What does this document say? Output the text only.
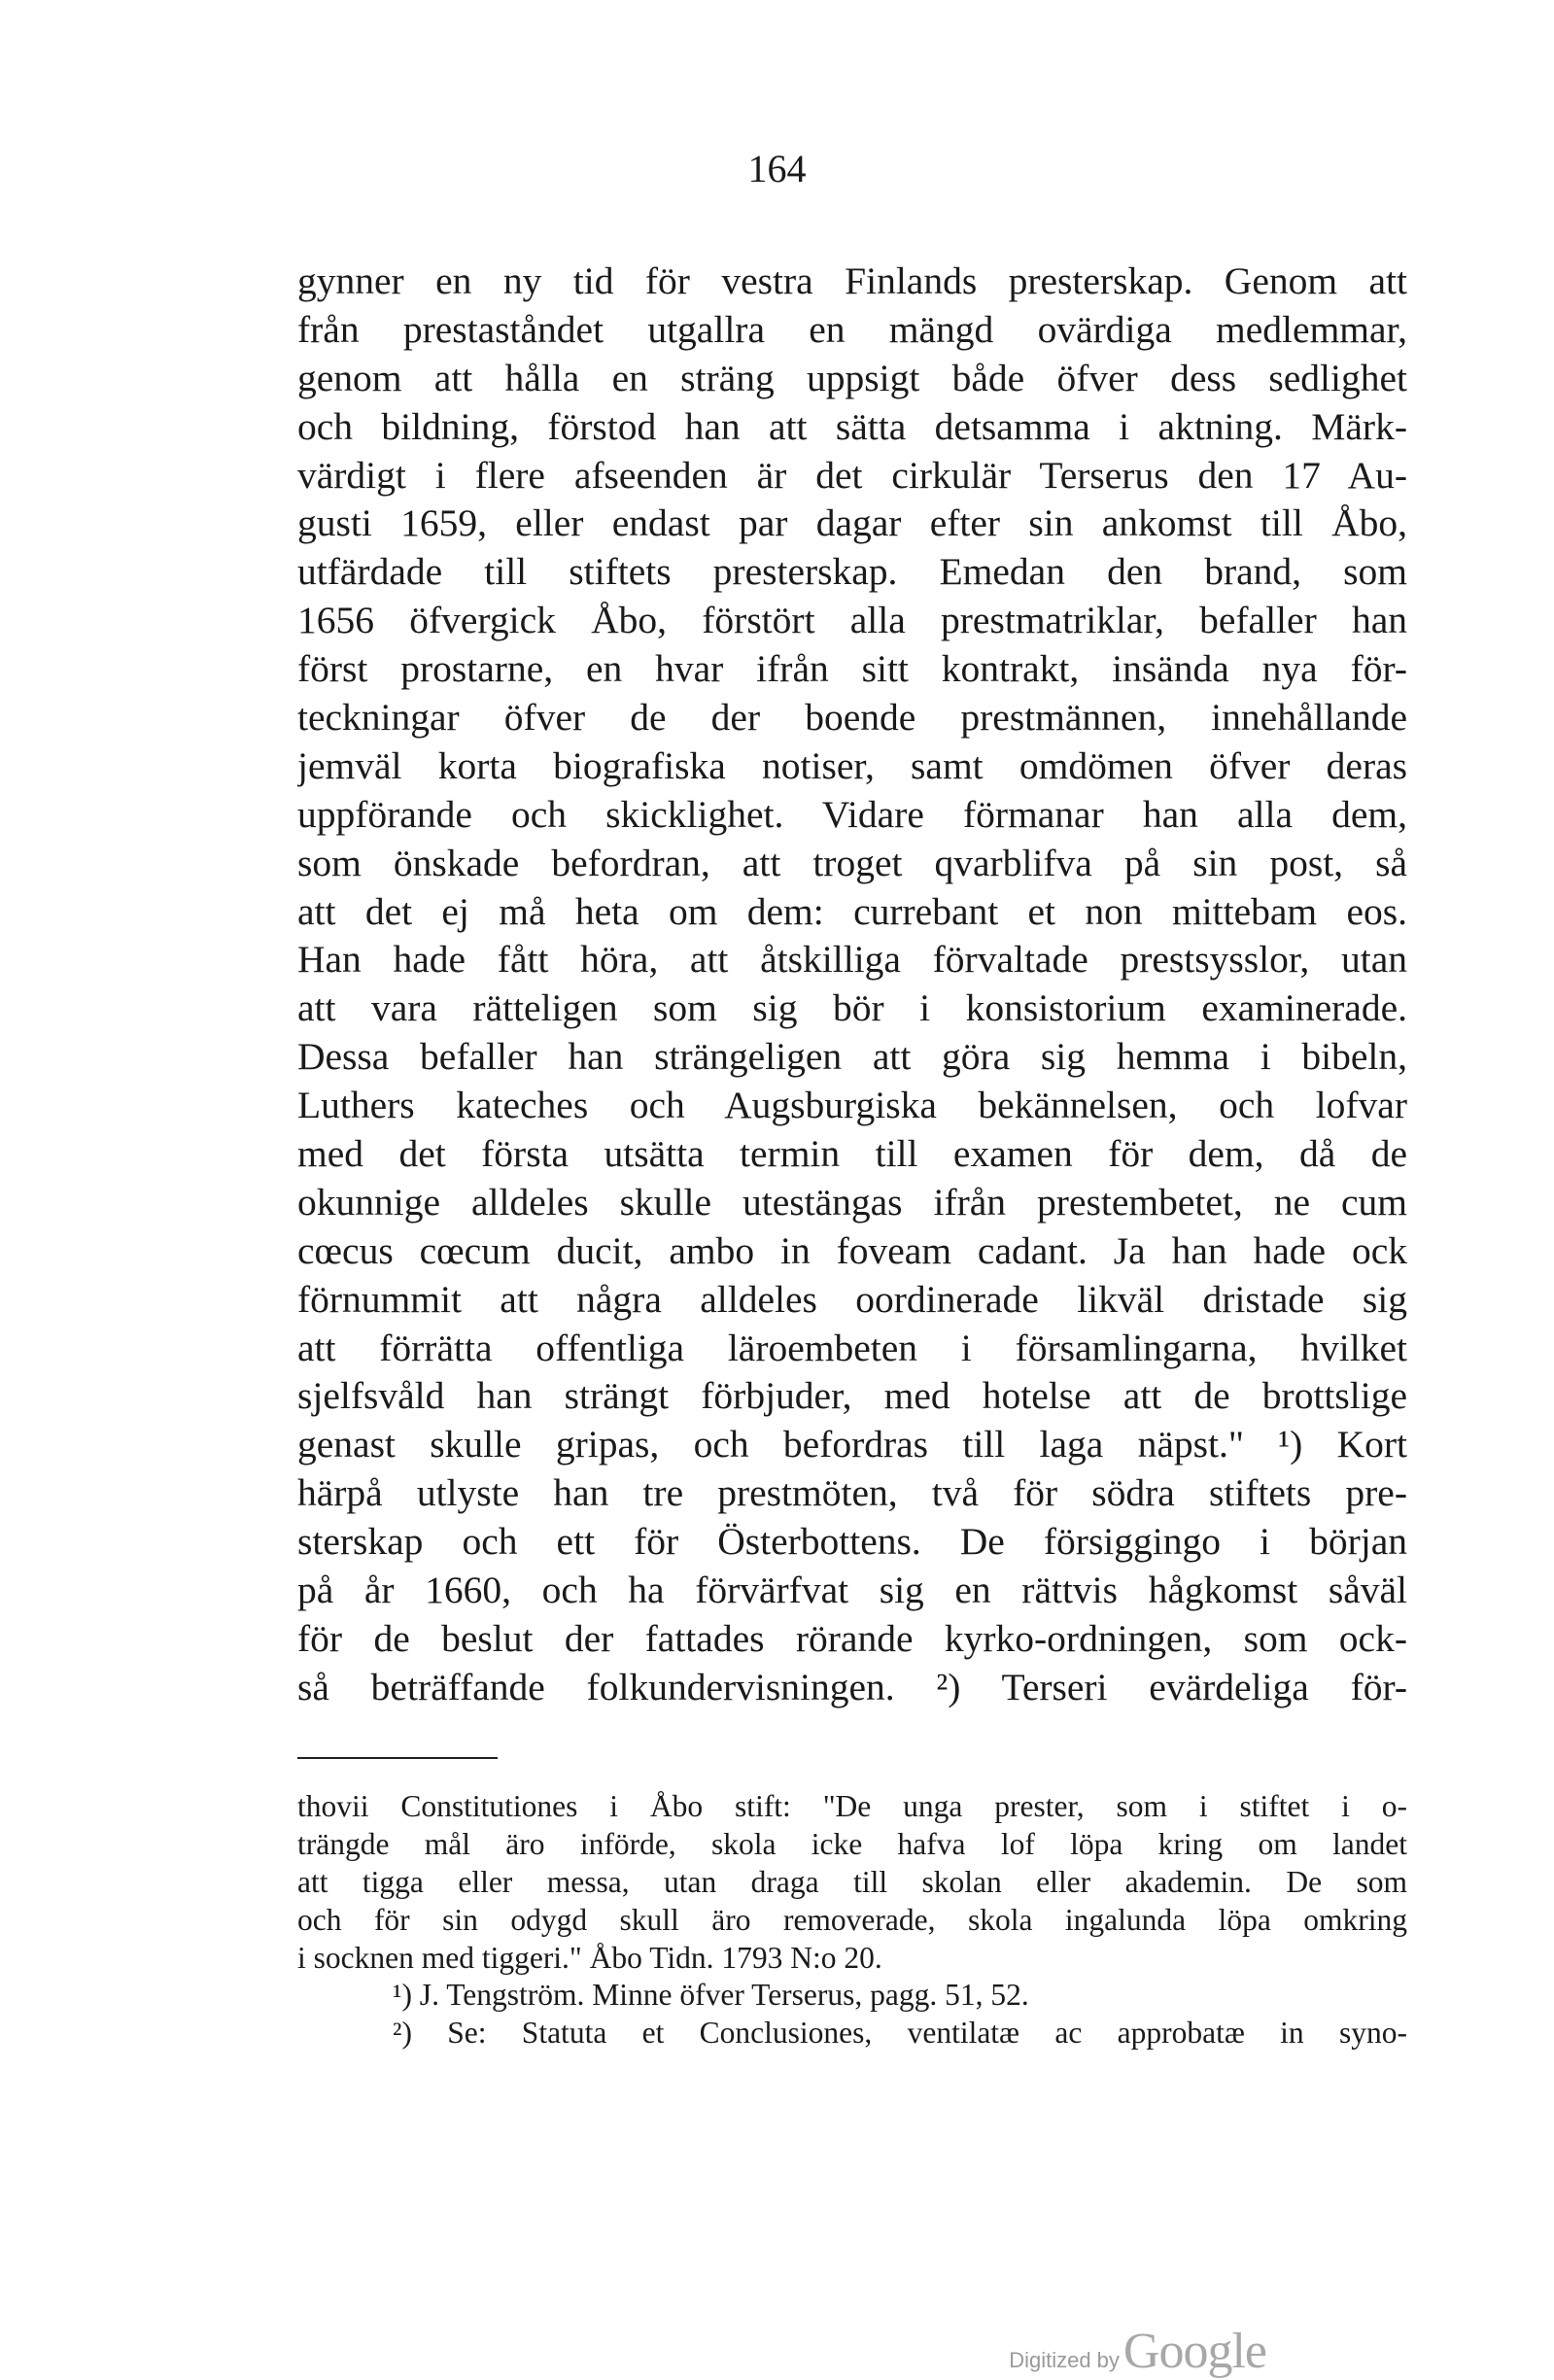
164
gynner en ny tid för vestra Finlands presterskap. Genom att
från prestaståndet utgallra en mängd ovärdiga medlemmar,
genom att hålla en sträng uppsigt både öfver dess sedlighet
och bildning, förstod han att sätta detsamma i aktning. Märk-
värdigt i flere afseenden är det cirkulär Terserus den 17 Au-
gusti 1659, eller endast par dagar efter sin ankomst till Åbo,
utfärdade till stiftets presterskap. Emedan den brand, som
1656 öfvergick Åbo, förstört alla prestmatriklar, befaller han
först prostarne, en hvar ifrån sitt kontrakt, insända nya för-
teckningar öfver de der boende prestmännen, innehållande
jemväl korta biografiska notiser, samt omdömen öfver deras
uppförande och skicklighet. Vidare förmanar han alla dem,
som önskade befordran, att troget qvarblifva på sin post, så
att det ej må heta om dem: currebant et non mittebam eos.
Han hade fått höra, att åtskilliga förvaltade prestsysslor, utan
att vara rätteligen som sig bör i konsistorium examinerade.
Dessa befaller han strängeligen att göra sig hemma i bibeln,
Luthers kateches och Augsburgiska bekännelsen, och lofvar
med det första utsätta termin till examen för dem, då de
okunnige alldeles skulle utestängas ifrån prestembetet, ne cum
cœcus cœcum ducit, ambo in foveam cadant. Ja han hade ock
förnummit att några alldeles oordinerade likväl dristade sig
att förrätta offentliga läroembeten i församlingarna, hvilket
sjelfsvåld han strängt förbjuder, med hotelse att de brottslige
genast skulle gripas, och befordras till laga näpst." ¹) Kort
härpå utlyste han tre prestmöten, två för södra stiftets pre-
sterskap och ett för Österbottens. De försiggingo i början
på år 1660, och ha förvärfvat sig en rättvis hågkomst såväl
för de beslut der fattades rörande kyrko-ordningen, som ock-
så beträffande folkundervisningen. ²) Terseri evärdeliga för-
thovii Constitutiones i Åbo stift: "De unga prester, som i stiftet i o-
trängde mål äro införde, skola icke hafva lof löpa kring om landet
att tigga eller messa, utan draga till skolan eller akademin. De som
och för sin odygd skull äro removerade, skola ingalunda löpa omkring
i socknen med tiggeri." Åbo Tidn. 1793 N:o 20.
¹) J. Tengström. Minne öfver Terserus, pagg. 51, 52.
²) Se: Statuta et Conclusiones, ventilatæ ac approbatæ in syno-
Digitized by Google
